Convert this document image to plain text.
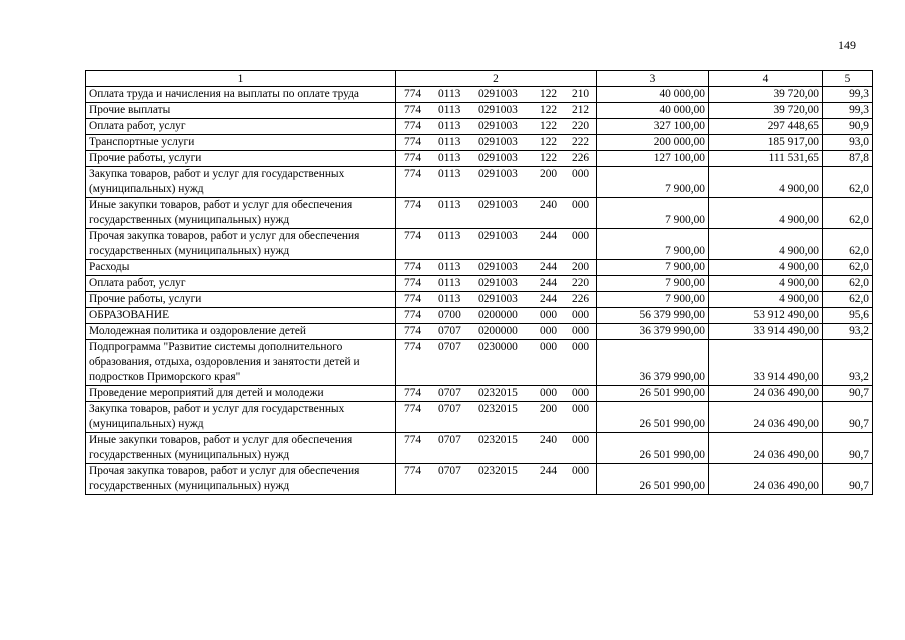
149
1	2	3	4	5
Оплата труда и начисления на выплаты по оплате труда	774 0113 0291003 122 210	40 000,00	39 720,00	99,3
Прочие выплаты	774 0113 0291003 122 212	40 000,00	39 720,00	99,3
Оплата работ, услуг	774 0113 0291003 122 220	327 100,00	297 448,65	90,9
Транспортные услуги	774 0113 0291003 122 222	200 000,00	185 917,00	93,0
Прочие работы, услуги	774 0113 0291003 122 226	127 100,00	111 531,65	87,8
Закупка товаров, работ и услуг для государственных (муниципальных) нужд	774 0113 0291003 200 000	7 900,00	4 900,00	62,0
Иные закупки товаров, работ и услуг для обеспечения государственных (муниципальных) нужд	774 0113 0291003 240 000	7 900,00	4 900,00	62,0
Прочая закупка товаров, работ и услуг для обеспечения государственных (муниципальных) нужд	774 0113 0291003 244 000	7 900,00	4 900,00	62,0
Расходы	774 0113 0291003 244 200	7 900,00	4 900,00	62,0
Оплата работ, услуг	774 0113 0291003 244 220	7 900,00	4 900,00	62,0
Прочие работы, услуги	774 0113 0291003 244 226	7 900,00	4 900,00	62,0
ОБРАЗОВАНИЕ	774 0700 0200000 000 000	56 379 990,00	53 912 490,00	95,6
Молодежная политика и оздоровление детей	774 0707 0200000 000 000	36 379 990,00	33 914 490,00	93,2
Подпрограмма "Развитие системы дополнительного образования, отдыха, оздоровления и занятости детей и подростков Приморского края"	774 0707 0230000 000 000	36 379 990,00	33 914 490,00	93,2
Проведение мероприятий для детей и молодежи	774 0707 0232015 000 000	26 501 990,00	24 036 490,00	90,7
Закупка товаров, работ и услуг для государственных (муниципальных) нужд	774 0707 0232015 200 000	26 501 990,00	24 036 490,00	90,7
Иные закупки товаров, работ и услуг для обеспечения государственных (муниципальных) нужд	774 0707 0232015 240 000	26 501 990,00	24 036 490,00	90,7
Прочая закупка товаров, работ и услуг для обеспечения государственных (муниципальных) нужд	774 0707 0232015 244 000	26 501 990,00	24 036 490,00	90,7
